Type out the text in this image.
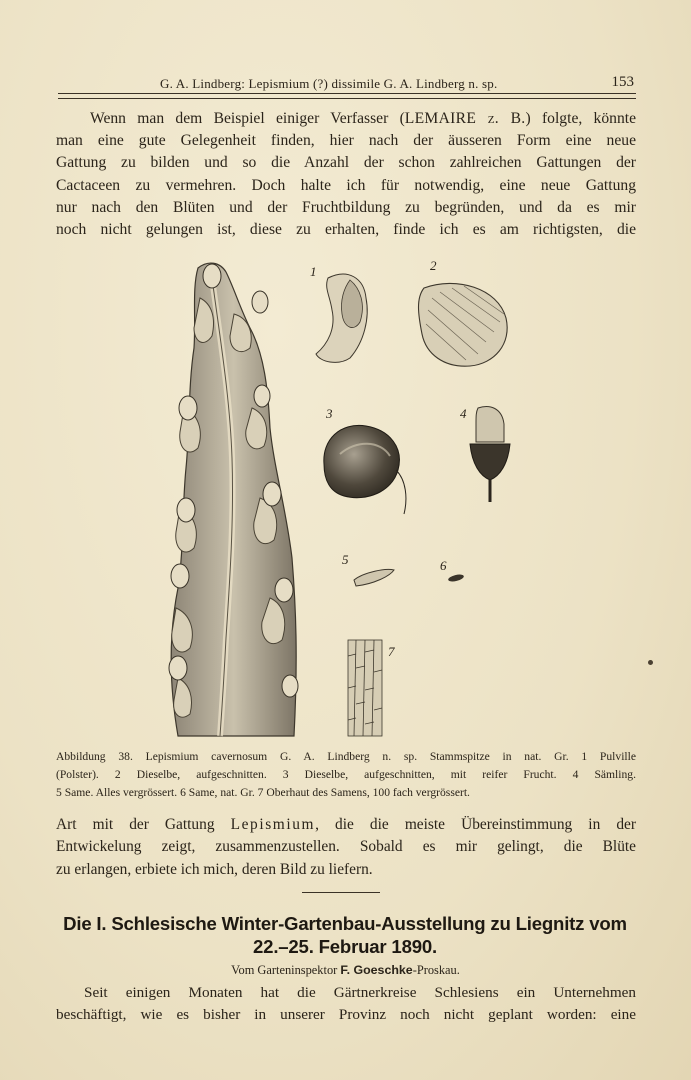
G. A. Lindberg: Lepismium (?) dissimile G. A. Lindberg n. sp.	153
Wenn man dem Beispiel einiger Verfasser (LEMAIRE z. B.) folgte, könnte
man eine gute Gelegenheit finden, hier nach der äusseren Form eine neue
Gattung zu bilden und so die Anzahl der schon zahlreichen Gattungen der
Cactaceen zu vermehren. Doch halte ich für notwendig, eine neue Gattung
nur nach den Blüten und der Fruchtbildung zu begründen, und da es mir
noch nicht gelungen ist, diese zu erhalten, finde ich es am richtigsten, die
1	2
3	4
5	6
7
Abbildung 38. Lepismium cavernosum G. A. Lindberg n. sp. Stammspitze in nat. Gr. 1 Pulville
(Polster). 2 Dieselbe, aufgeschnitten. 3 Dieselbe, aufgeschnitten, mit reifer Frucht. 4 Sämling.
5 Same. Alles vergrössert. 6 Same, nat. Gr. 7 Oberhaut des Samens, 100 fach vergrössert.
Art mit der Gattung Lepismium, die die meiste Übereinstimmung in der
Entwickelung zeigt, zusammenzustellen. Sobald es mir gelingt, die Blüte
zu erlangen, erbiete ich mich, deren Bild zu liefern.
Die I. Schlesische Winter-Gartenbau-Ausstellung zu Liegnitz vom
22.–25. Februar 1890.
Vom Garteninspektor F. Goeschke-Proskau.
Seit einigen Monaten hat die Gärtnerkreise Schlesiens ein Unternehmen
beschäftigt, wie es bisher in unserer Provinz noch nicht geplant worden: eine
